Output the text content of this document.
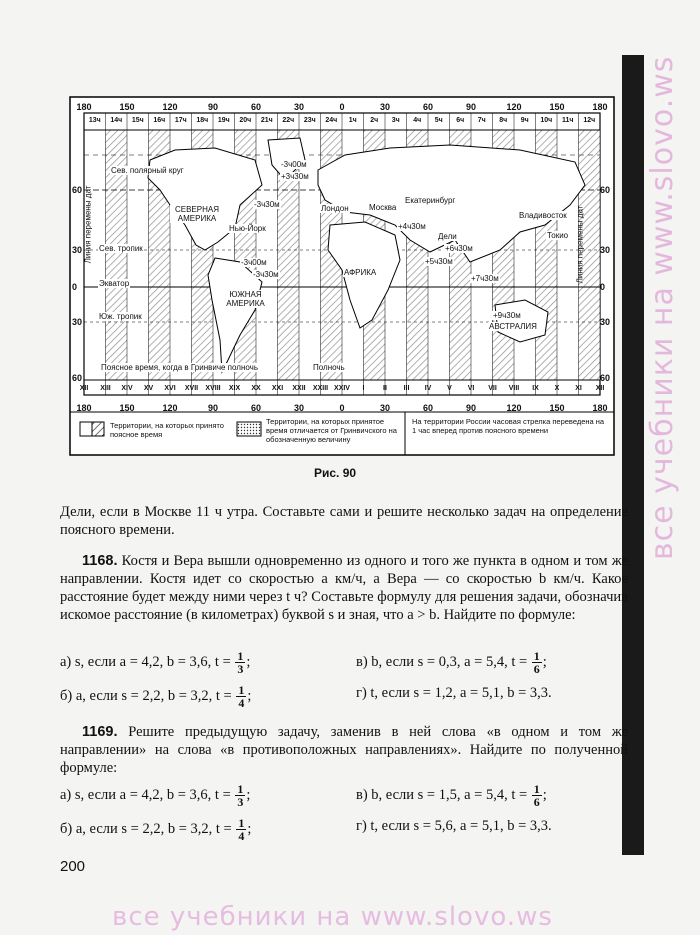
180	150	120	90	60	30	0	30	60	90	120	150	180
180	150	120	90	60	30	0	30	60	90	120	150	180
60
30
0
30
60
60
30
0
30
60
13ч 14ч 15ч 16ч 17ч 18ч 19ч 20ч 21ч 22ч 23ч 24ч 1ч 2ч 3ч 4ч 5ч 6ч 7ч 8ч 9ч 10ч 11ч 12ч
XII XIII XIV XV XVI XVII XVIII XIX XX XXI XXII XXIII XXIV I	II III IV V VI VII VIII IX X XI XII
Сев. полярный круг
СЕВЕРНАЯ АМЕРИКА
Нью-Йорк
Сев. тропик
Экватор
Юж. тропик
ЮЖНАЯ АМЕРИКА
Поясное время, когда в Гринвиче полночь	Полночь
Лондон	Москва
Екатеринбург
Дели
АФРИКА
Владивосток
Токио
АВСТРАЛИЯ
-3ч00м
+3ч30м
-3ч30м
-3ч00м
-3ч30м
+4ч30м
+5ч30м
+6ч30м
+7ч30м
+9ч30м
Линия перемены дат	Линия перемены дат
Территории, на которых принято поясное время
Территории, на которых принятое время отличается от Гринвичского на обозначенную величину
На территории России часовая стрелка переведена на 1 час вперед против поясного времени
Рис. 90
Дели, если в Москве 11 ч утра. Составьте сами и решите несколько задач на определение поясного времени.
1168. Костя и Вера вышли одновременно из одного и того же пункта в одном и том же направлении. Костя идет со скоростью a км/ч, а Вера — со скоростью b км/ч. Какое расстояние будет между ними через t ч? Составьте формулу для решения задачи, обозначив искомое расстояние (в километрах) буквой s и зная, что a > b. Найдите по формуле:
а) s, если a = 4,2, b = 3,6, $t = \frac{1}{3}$ ;	в) b, если s = 0,3, a = 5,4, $t = \frac{1}{6}$ ;
б) a, если s = 2,2, b = 3,2, $t = \frac{1}{4}$ ;	г) t, если s = 1,2, a = 5,1, b = 3,3.
1169. Решите предыдущую задачу, заменив в ней слова «в одном и том же направлении» на слова «в противоположных направлениях». Найдите по полученной формуле:
а) s, если a = 4,2, b = 3,6, $t = \frac{1}{3}$ ;	в) b, если s = 1,5, a = 5,4, $t = \frac{1}{6}$ ;
б) a, если s = 2,2, b = 3,2, $t = \frac{1}{4}$ ;	г) t, если s = 5,6, a = 5,1, b = 3,3.
200
все учебники на www.slovo.ws
все учебники на www.slovo.ws
